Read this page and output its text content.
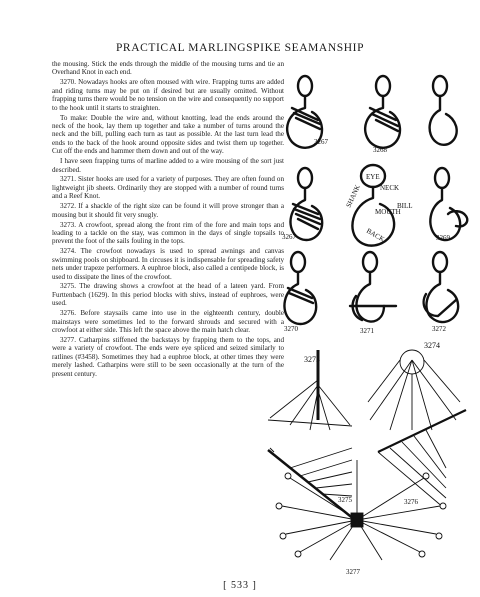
PRACTICAL MARLINGSPIKE SEAMANSHIP

the mousing. Stick the ends through the middle of the mousing turns and tie an Overhand Knot in each end.

3270. Nowadays hooks are often moused with wire. Frapping turns are added and riding turns may be put on if desired but are usually omitted. Without frapping turns there would be no tension on the wire and consequently no support to the hook until it starts to straighten.

To make: Double the wire and, without knotting, lead the ends around the neck of the hook, lay them up together and take a number of turns around the neck and the bill, pulling each turn as taut as possible. At the last turn lead the ends to the back of the hook around opposite sides and twist them up together. Cut off the ends and hammer them down and out of the way.

I have seen frapping turns of marline added to a wire mousing of the sort just described.

3271. Sister hooks are used for a variety of purposes. They are often found on lightweight jib sheets. Ordinarily they are stopped with a number of round turns and a Reef Knot.

3272. If a shackle of the right size can be found it will prove stronger than a mousing but it should fit very snugly.

3273. A crowfoot, spread along the front rim of the fore and main tops and leading to a tackle on the stay, was common in the days of single topsails to prevent the foot of the sails fouling in the tops.

3274. The crowfoot nowadays is used to spread awnings and canvas swimming pools on shipboard. In circuses it is indispensable for spreading safety nets under trapeze performers. A euphroe block, also called a centipede block, is used to dissipate the lines of the crowfoot.

3275. The drawing shows a crowfoot at the head of a lateen yard. From Furttenbach (1629). In this period blocks with shivs, instead of euphroes, were used.

3276. Before staysails came into use in the eighteenth century, double mainstays were sometimes led to the forward shrouds and secured with a crowfoot at either side. This left the space above the main hatch clear.

3277. Catharpins stiffened the backstays by frapping them to the tops, and were a variety of crowfoot. The ends were eye spliced and seized similarly to ratlines (#3458). Sometimes they had a euphroe block, at other times they were merely lashed. Catharpins were still to be seen occasionally at the turn of the present century.

3267
3268
3267	3269
3270	3271	3272
3273
3274
3275	3276
3277
EYE
NECK
BILL
MOUTH
BACK
SHANK
[ 533 ]
